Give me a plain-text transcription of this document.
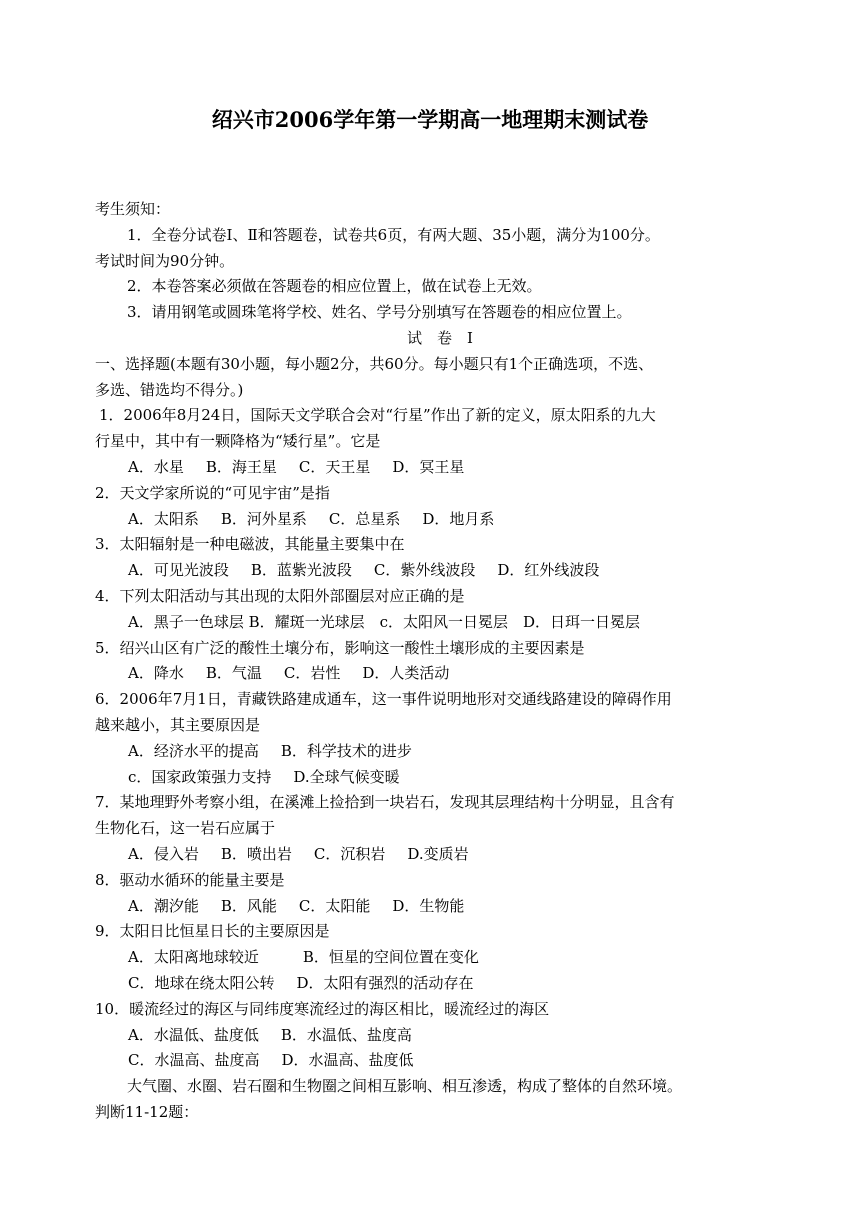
绍兴市2006学年第一学期高一地理期末测试卷
考生须知：
1．全卷分试卷Ⅰ、Ⅱ和答题卷，试卷共6页，有两大题、35小题，满分为100分。
考试时间为90分钟。
2．本卷答案必须做在答题卷的相应位置上，做在试卷上无效。
3．请用钢笔或圆珠笔将学校、姓名、学号分别填写在答题卷的相应位置上。
试　卷　Ⅰ
一、选择题(本题有30小题，每小题2分，共60分。每小题只有1个正确选项，不选、
多选、错选均不得分。)
1．2006年8月24日，国际天文学联合会对“行星”作出了新的定义，原太阳系的九大
行星中，其中有一颗降格为“矮行星”。它是
A．水星 B．海王星 C．天王星 D．冥王星
2．天文学家所说的“可见宇宙”是指
A．太阳系 B．河外星系 C．总星系 D．地月系
3．太阳辐射是一种电磁波，其能量主要集中在
A．可见光波段 B．蓝紫光波段 C．紫外线波段 D．红外线波段
4．下列太阳活动与其出现的太阳外部圈层对应正确的是
A．黑子一色球层 B．耀斑一光球层　c．太阳风一日冕层　D．日珥一日冕层
5．绍兴山区有广泛的酸性土壤分布，影响这一酸性土壤形成的主要因素是
A．降水 B．气温 C．岩性 D．人类活动
6．2006年7月1日，青藏铁路建成通车，这一事件说明地形对交通线路建设的障碍作用
越来越小，其主要原因是
A．经济水平的提高 B．科学技术的进步
c．国家政策强力支持 D.全球气候变暖
7．某地理野外考察小组，在溪滩上捡拾到一块岩石，发现其层理结构十分明显，且含有
生物化石，这一岩石应属于
A．侵入岩 B．喷出岩 C．沉积岩 D.变质岩
8．驱动水循环的能量主要是
A．潮汐能 B．风能 C．太阳能 D．生物能
9．太阳日比恒星日长的主要原因是
A．太阳离地球较近	B．恒星的空间位置在变化
C．地球在绕太阳公转 D．太阳有强烈的活动存在
10．暖流经过的海区与同纬度寒流经过的海区相比，暖流经过的海区
A．水温低、盐度低 B．水温低、盐度高
C．水温高、盐度高 D．水温高、盐度低
大气圈、水圈、岩石圈和生物圈之间相互影响、相互渗透，构成了整体的自然环境。
判断11-12题：
